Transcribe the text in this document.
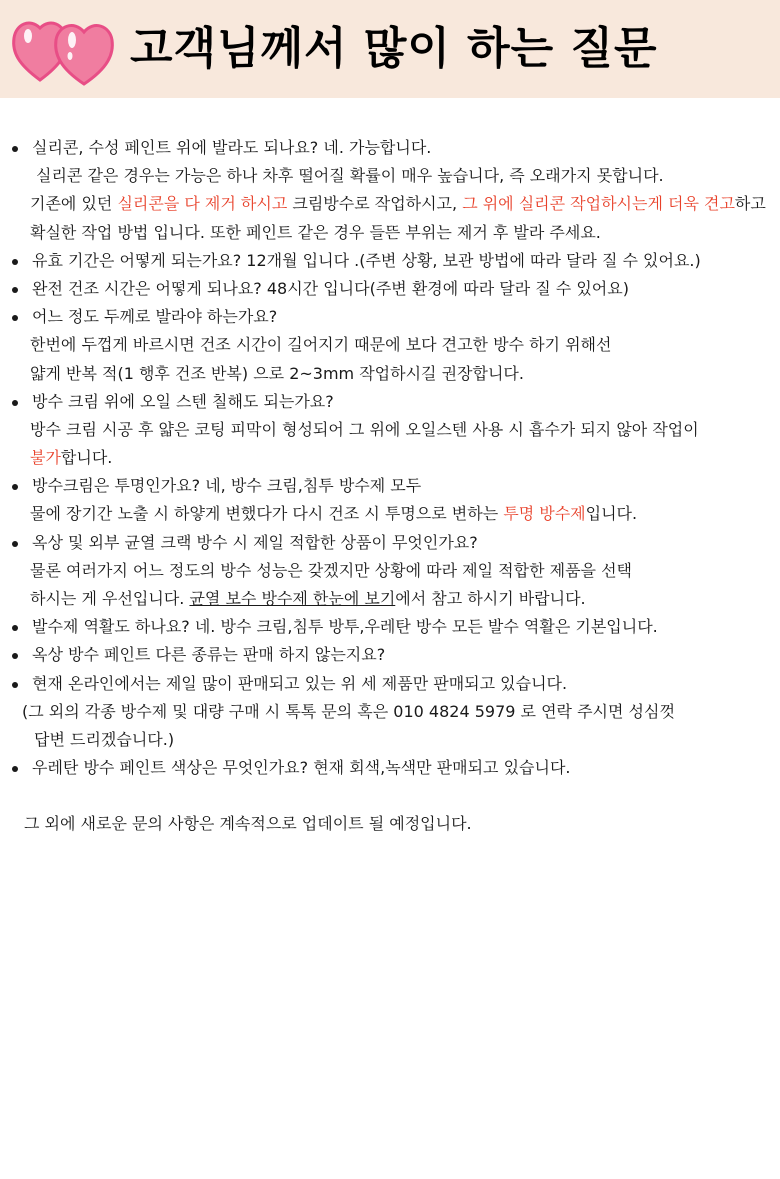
고객님께서 많이 하는 질문
실리콘, 수성 페인트 위에 발라도 되나요? 네. 가능합니다.
실리콘 같은 경우는 가능은 하나 차후 떨어질 확률이 매우 높습니다, 즉 오래가지 못합니다.
기존에 있던 실리콘을 다 제거 하시고 크림방수로 작업하시고, 그 위에 실리콘 작업하시는게 더욱 견고하고
확실한 작업 방법 입니다. 또한 페인트 같은 경우 들뜬 부위는 제거 후 발라 주세요.
유효 기간은 어떻게 되는가요? 12개월 입니다 .(주변 상황, 보관 방법에 따라 달라 질 수 있어요.)
완전 건조 시간은 어떻게 되나요? 48시간 입니다(주변 환경에 따라 달라 질 수 있어요)
어느 정도 두께로 발라야 하는가요?
한번에 두껍게 바르시면 건조 시간이 길어지기 때문에 보다 견고한 방수 하기 위해선
얇게 반복 적(1 행후 건조 반복) 으로 2~3mm 작업하시길 권장합니다.
방수 크림 위에 오일 스텐 칠해도 되는가요?
방수 크림 시공 후 얇은 코팅 피막이 형성되어 그 위에 오일스텐 사용 시 흡수가 되지 않아 작업이
불가합니다.
방수크림은 투명인가요? 네, 방수 크림,침투 방수제 모두
물에 장기간 노출 시 하얗게 변했다가 다시 건조 시 투명으로 변하는 투명 방수제입니다.
옥상 및 외부 균열 크랙 방수 시 제일 적합한 상품이 무엇인가요?
물론 여러가지 어느 정도의 방수 성능은 갖겠지만 상황에 따라 제일 적합한 제품을 선택
하시는 게 우선입니다. 균열 보수 방수제 한눈에 보기에서 참고 하시기 바랍니다.
발수제 역활도 하나요? 네. 방수 크림,침투 방투,우레탄 방수 모든 발수 역활은 기본입니다.
옥상 방수 페인트 다른 종류는 판매 하지 않는지요?
현재 온라인에서는 제일 많이 판매되고 있는 위 세 제품만 판매되고 있습니다.
(그 외의 각종 방수제 및 대량 구매 시 톡톡 문의 혹은 010 4824 5979 로 연락 주시면 성심껏
답변 드리겠습니다.)
우레탄 방수 페인트 색상은 무엇인가요? 현재 회색,녹색만 판매되고 있습니다.
그 외에 새로운 문의 사항은 계속적으로 업데이트 될 예정입니다.
